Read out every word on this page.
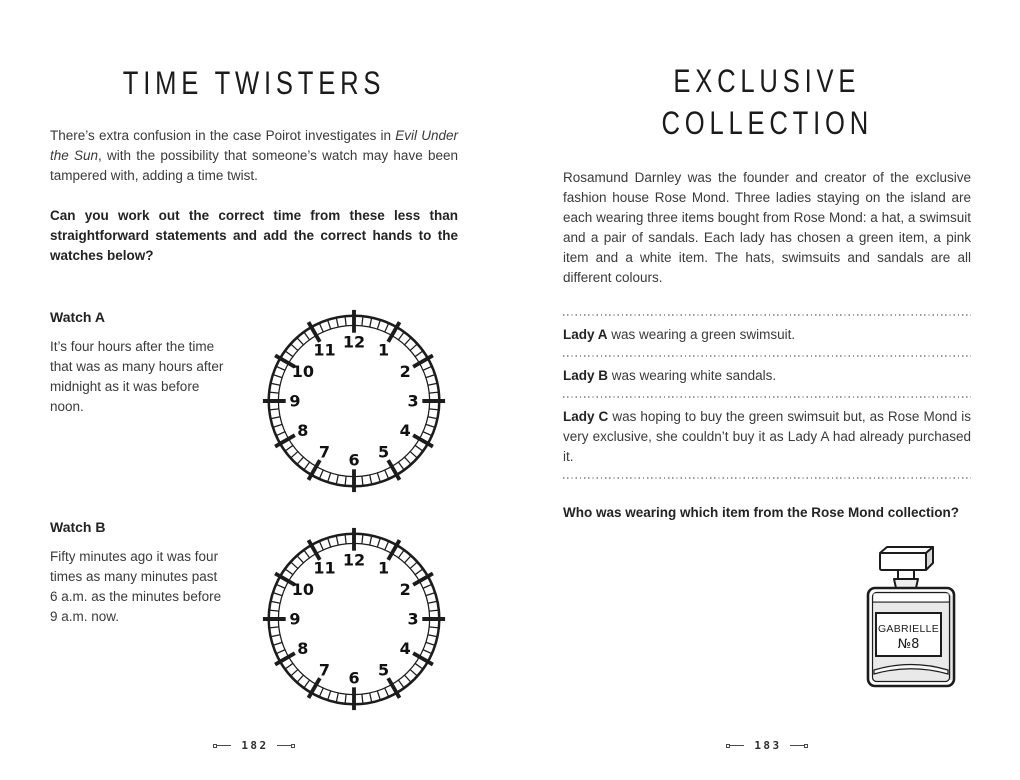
TIME TWISTERS

There’s extra confusion in the case Poirot investigates in Evil Under the Sun, with the possibility that someone’s watch may have been tampered with, adding a time twist.

Can you work out the correct time from these less than straightforward statements and add the correct hands to the watches below?

Watch A

It’s four hours after the time that was as many hours after midnight as it was before noon.

12 1
2
3
4
5
6
7
8
9
10
11
Watch B

Fifty minutes ago it was four times as many minutes past 6 a.m. as the minutes before 9 a.m. now.

12 1
2
3
4
5
6
7
8
9
10
11
182
EXCLUSIVE
COLLECTION

Rosamund Darnley was the founder and creator of the exclusive fashion house Rose Mond. Three ladies staying on the island are each wearing three items bought from Rose Mond: a hat, a swimsuit and a pair of sandals. Each lady has chosen a green item, a pink item and a white item. The hats, swimsuits and sandals are all different colours.

Lady A was wearing a green swimsuit.

Lady B was wearing white sandals.

Lady C was hoping to buy the green swimsuit but, as Rose Mond is very exclusive, she couldn’t buy it as Lady A had already purchased it.

Who was wearing which item from the Rose Mond collection?

GABRIELLE
№8
183
